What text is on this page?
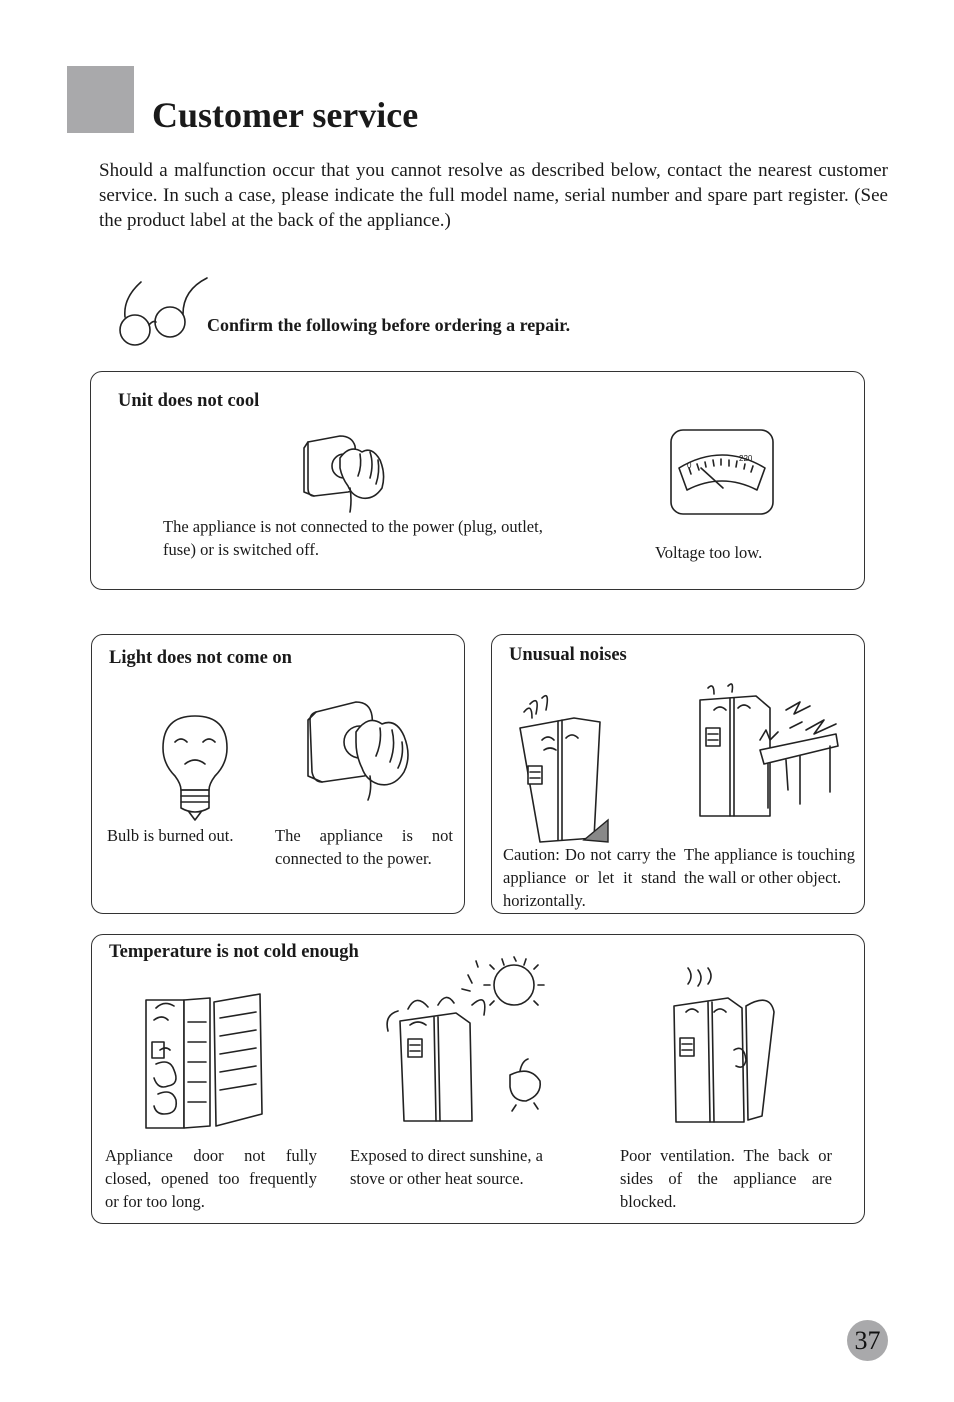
Customer service

Should a malfunction occur that you cannot resolve as described below, contact the nearest customer service. In such a case, please indicate the full model name, serial number and spare part register. (See the product label at the back of the appliance.)

Confirm the following before ordering a repair.
Unit does not cool

The appliance is not connected to the power (plug, outlet, fuse) or is switched off.

0
220
Voltage too low.
Light does not come on

Bulb is burned out.	The appliance is not connected to the power.

Unusual noises

Caution: Do not carry the appliance or let it stand horizontally.

The appliance is touching the wall or other object.

Temperature is not cold enough

Appliance door not fully closed, opened too frequently or for too long.

Exposed to direct sunshine, a stove or other heat source.

Poor ventilation. The back or sides of the appliance are blocked.

37
